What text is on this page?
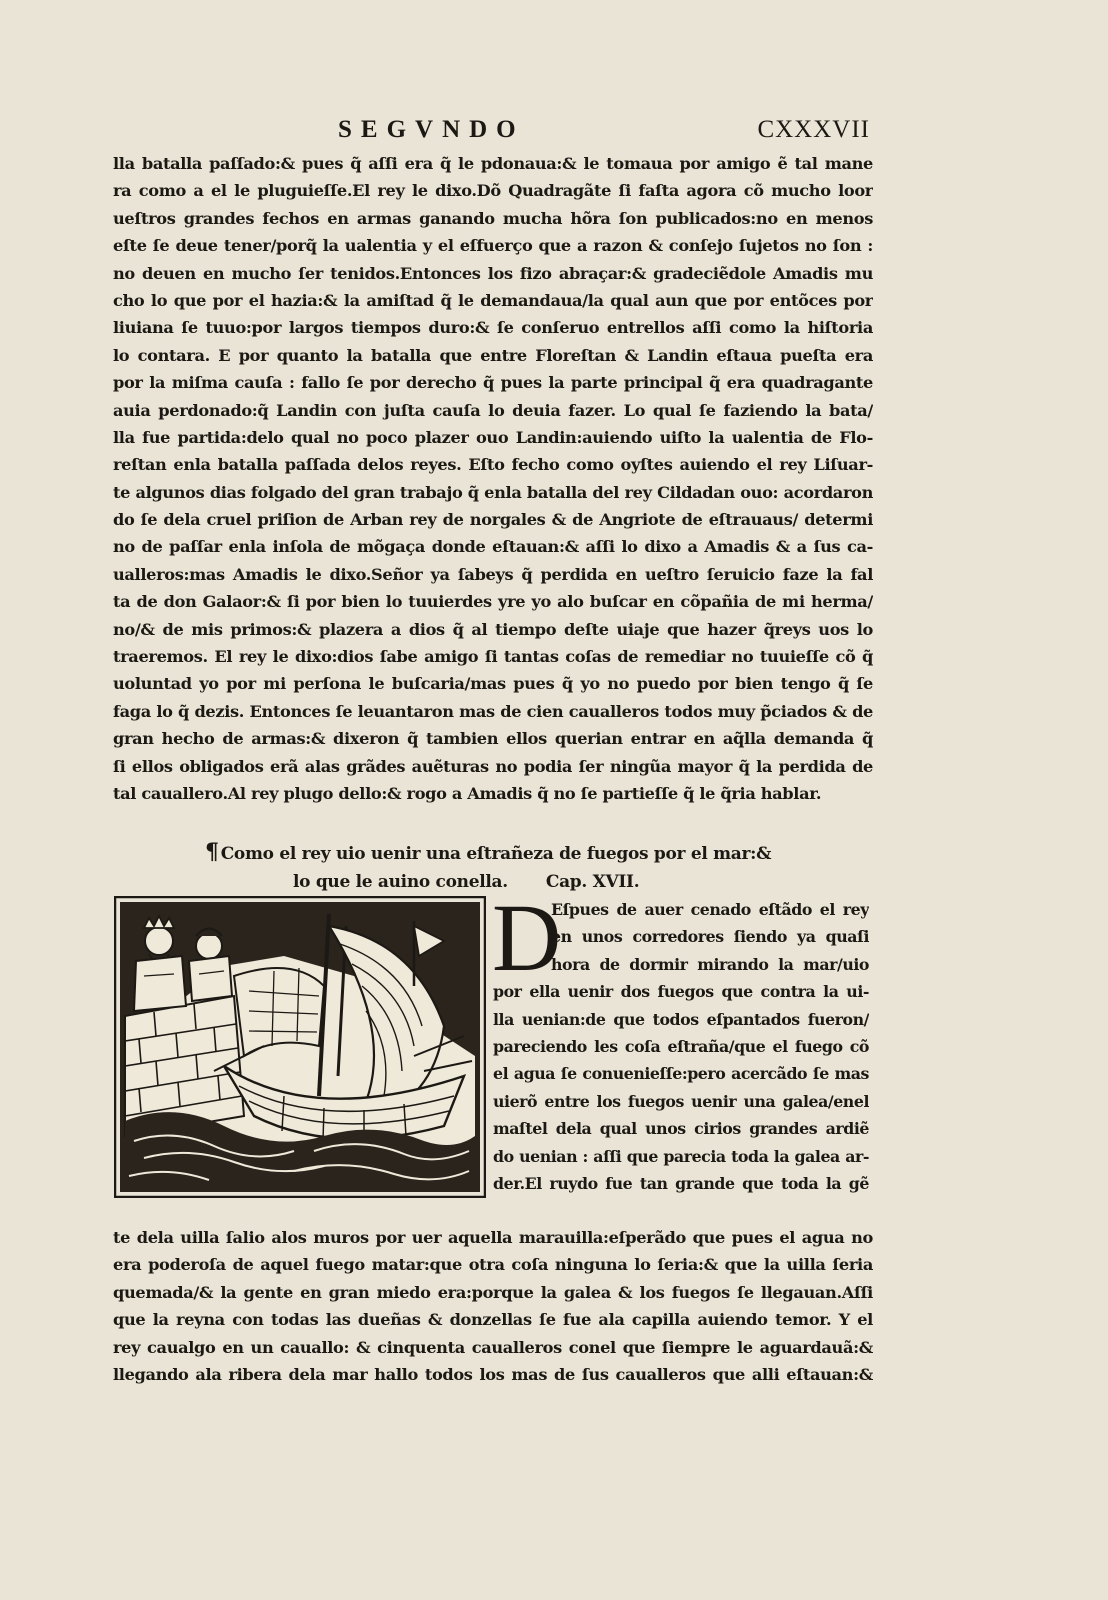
SEGVNDO	CXXXVII
lla batalla paſſado:& pues q̃ aſſi era q̃ le pdonaua:& le tomaua por amigo ẽ tal mane
ra como a el le pluguieſſe.El rey le dixo.Dõ Quadragãte ſi faſta agora cõ mucho loor
ueſtros grandes fechos en armas ganando mucha hõra ſon publicados:no en menos
eſte ſe deue tener/porq̃ la ualentia y el eſfuerço que a razon & conſejo ſujetos no ſon :
no deuen en mucho ſer tenidos.Entonces los fizo abraçar:& gradeciẽdole Amadis mu
cho lo que por el hazia:& la amiſtad q̃ le demandaua/la qual aun que por entõces por
liuiana ſe tuuo:por largos tiempos duro:& ſe conſeruo entrellos aſſi como la hiſtoria
lo contara. E por quanto la batalla que entre Floreſtan & Landin eſtaua pueſta era
por la miſma cauſa : fallo ſe por derecho q̃ pues la parte principal q̃ era quadragante
auia perdonado:q̃ Landin con juſta cauſa lo deuia fazer. Lo qual ſe faziendo la bata/
lla fue partida:delo qual no poco plazer ouo Landin:auiendo uiſto la ualentia de Flo-
reſtan enla batalla paſſada delos reyes. Eſto fecho como oyſtes auiendo el rey Liſuar-
te algunos dias folgado del gran trabajo q̃ enla batalla del rey Cildadan ouo: acordaron
do ſe dela cruel priſion de Arban rey de norgales & de Angriote de eſtrauaus/ determi
no de paſſar enla inſola de mõgaça donde eſtauan:& aſſi lo dixo a Amadis & a ſus ca-
ualleros:mas Amadis le dixo.Señor ya ſabeys q̃ perdida en ueſtro ſeruicio faze la fal
ta de don Galaor:& ſi por bien lo tuuierdes yre yo alo buſcar en cõpañia de mi herma/
no/& de mis primos:& plazera a dios q̃ al tiempo deſte uiaje que hazer q̃reys uos lo
traeremos. El rey le dixo:dios ſabe amigo ſi tantas coſas de remediar no tuuieſſe cõ q̃
uoluntad yo por mi perſona le buſcaria/mas pues q̃ yo no puedo por bien tengo q̃ ſe
faga lo q̃ dezis. Entonces ſe leuantaron mas de cien caualleros todos muy p̃ciados & de
gran hecho de armas:& dixeron q̃ tambien ellos querian entrar en aq̃lla demanda q̃
ſi ellos obligados erã alas grãdes auẽturas no podia ſer ningũa mayor q̃ la perdida de
tal cauallero.Al rey plugo dello:& rogo a Amadis q̃ no ſe partieſſe q̃ le q̃ria hablar.
¶ Como el rey uio uenir una eſtrañeza de fuegos por el mar:&
lo que le auino conella. Cap. XVII.
D
Eſpues de auer cenado eſtãdo el rey
en unos corredores ſiendo ya quaſi
hora de dormir mirando la mar/uio
por ella uenir dos fuegos que contra la ui-
lla uenian:de que todos eſpantados fueron/
pareciendo les coſa eſtraña/que el fuego cõ
el agua ſe conuenieſſe:pero acercãdo ſe mas
uierõ entre los fuegos uenir una galea/enel
maſtel dela qual unos cirios grandes ardiẽ
do uenian : aſſi que parecia toda la galea ar-
der.El ruydo fue tan grande que toda la gẽ
te dela uilla ſalio alos muros por uer aquella marauilla:eſperãdo que pues el agua no
era poderoſa de aquel fuego matar:que otra coſa ninguna lo ſeria:& que la uilla ſeria
quemada/& la gente en gran miedo era:porque la galea & los fuegos ſe llegauan.Aſſi
que la reyna con todas las dueñas & donzellas ſe fue ala capilla auiendo temor. Y el
rey caualgo en un cauallo: & cinquenta caualleros conel que ſiempre le aguardauã:&
llegando ala ribera dela mar hallo todos los mas de ſus caualleros que alli eſtauan:&
